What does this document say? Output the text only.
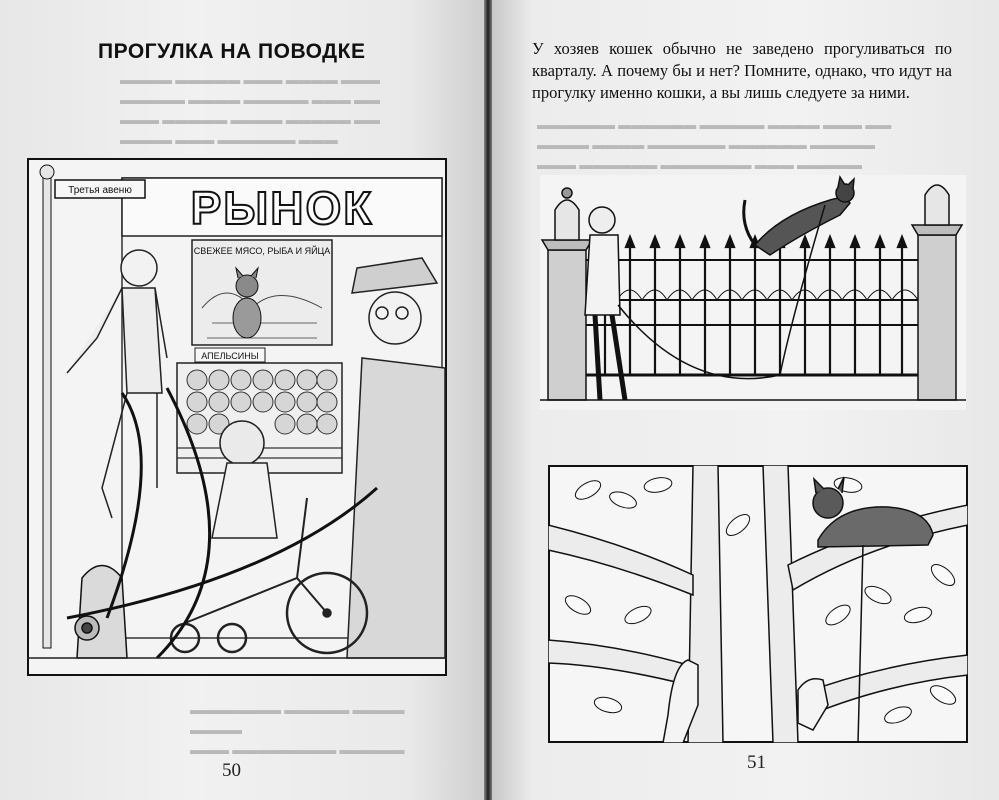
▬▬▬▬ ▬▬▬▬▬ ▬▬▬ ▬▬▬▬ ▬▬▬
▬▬▬▬▬ ▬▬▬▬ ▬▬▬▬▬ ▬▬▬ ▬▬
▬▬▬ ▬▬▬▬▬ ▬▬▬▬ ▬▬▬▬▬ ▬▬
▬▬▬▬ ▬▬▬ ▬▬▬▬▬▬ ▬▬▬
ПРОГУЛКА НА ПОВОДКЕ
РЫНОК
СВЕЖЕЕ МЯСО, РЫБА И ЯЙЦА
АПЕЛЬСИНЫ
Третья авеню
▬▬▬▬▬▬▬ ▬▬▬▬▬ ▬▬▬▬ ▬▬▬▬
▬▬▬ ▬▬▬▬▬▬▬▬ ▬▬▬▬▬
50

У хозяев кошек обычно не заведено прогуливаться по кварталу. А почему бы и нет? Помните, однако, что идут на прогулку именно кошки, а вы лишь следуете за ними.

▬▬▬▬▬▬ ▬▬▬▬▬▬ ▬▬▬▬▬ ▬▬▬▬ ▬▬▬ ▬▬
▬▬▬▬ ▬▬▬▬ ▬▬▬▬▬▬ ▬▬▬▬▬▬ ▬▬▬▬▬
▬▬▬ ▬▬▬▬▬▬ ▬▬▬▬▬▬▬ ▬▬▬ ▬▬▬▬▬
51
